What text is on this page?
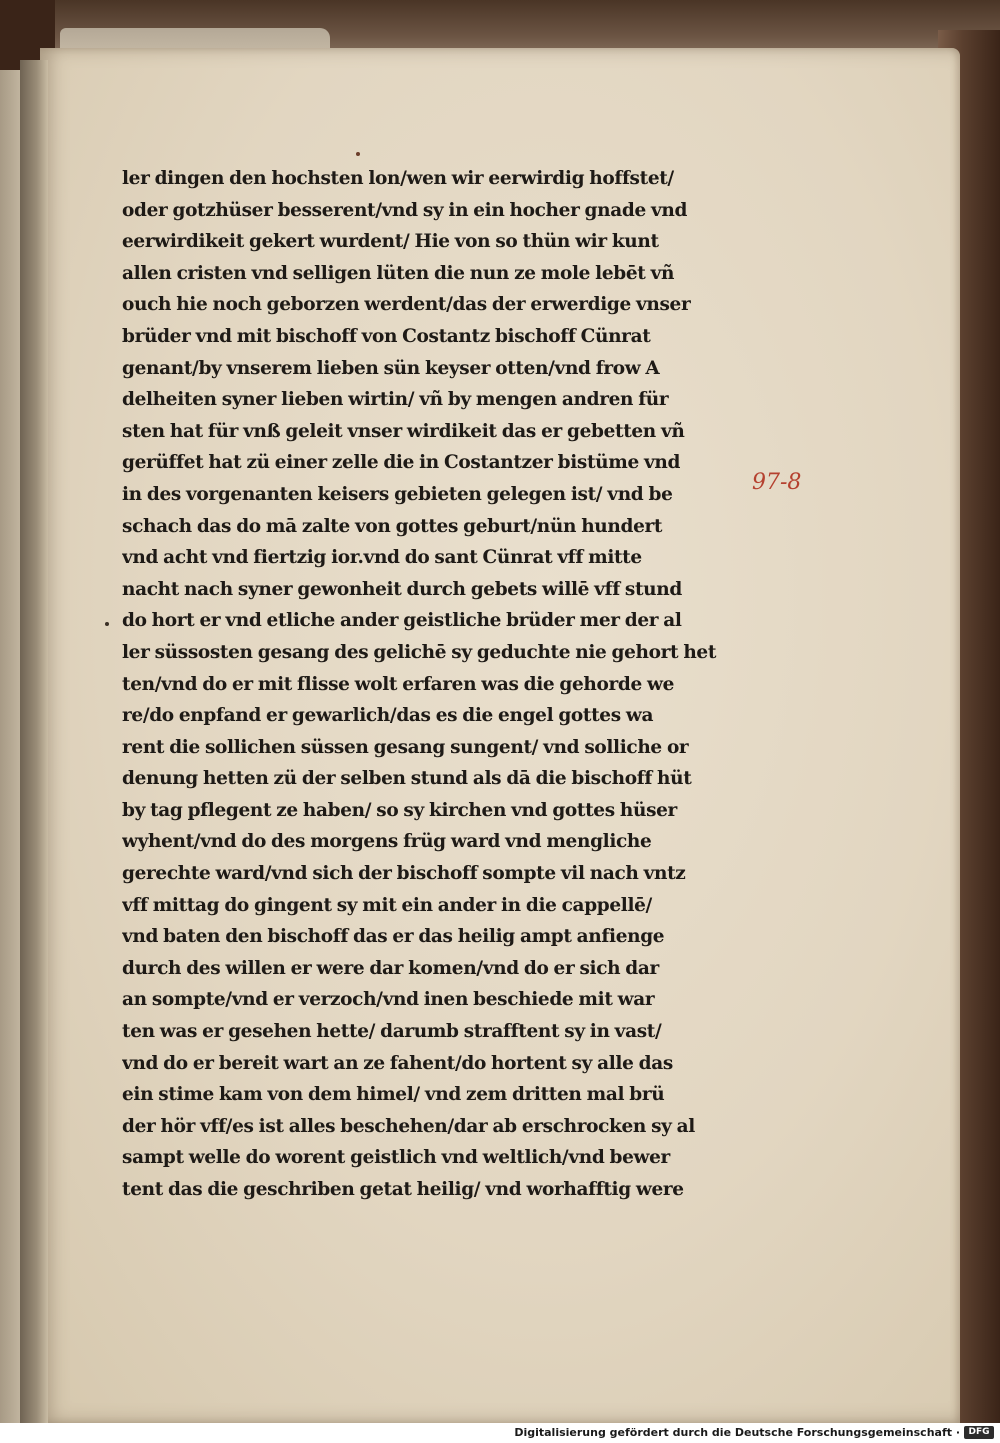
ler dingen den hochsten lon/wen wir eerwirdig hoffstet/
oder gotzhüser besserent/vnd sy in ein hocher gnade vnd
eerwirdikeit gekert wurdent/ Hie von so thün wir kunt
allen cristen vnd selligen lüten die nun ze mole lebēt vñ
ouch hie noch geborzen werdent/das der erwerdige vnser
brüder vnd mit bischoff von Costantz bischoff Cünrat
genant/by vnserem lieben sün keyser otten/vnd frow A
delheiten syner lieben wirtin/ vñ by mengen andren für
sten hat für vnß geleit vnser wirdikeit das er gebetten vñ
gerüffet hat zü einer zelle die in Costantzer bistüme vnd
in des vorgenanten keisers gebieten gelegen ist/ vnd be
schach das do mā zalte von gottes geburt/nün hundert
vnd acht vnd fiertzig ior.vnd do sant Cünrat vff mitte
nacht nach syner gewonheit durch gebets willē vff stund
do hort er vnd etliche ander geistliche brüder mer der al
ler süssosten gesang des gelichē sy geduchte nie gehort het
ten/vnd do er mit flisse wolt erfaren was die gehorde we
re/do enpfand er gewarlich/das es die engel gottes wa
rent die sollichen süssen gesang sungent/ vnd solliche or
denung hetten zü der selben stund als dā die bischoff hüt
by tag pflegent ze haben/ so sy kirchen vnd gottes hüser
wyhent/vnd do des morgens früg ward vnd mengliche
gerechte ward/vnd sich der bischoff sompte vil nach vntz
vff mittag do gingent sy mit ein ander in die cappellē/
vnd baten den bischoff das er das heilig ampt anfienge
durch des willen er were dar komen/vnd do er sich dar
an sompte/vnd er verzoch/vnd inen beschiede mit war
ten was er gesehen hette/ darumb strafftent sy in vast/
vnd do er bereit wart an ze fahent/do hortent sy alle das
ein stime kam von dem himel/ vnd zem dritten mal brü
der hör vff/es ist alles beschehen/dar ab erschrocken sy al
sampt welle do worent geistlich vnd weltlich/vnd bewer
tent das die geschriben getat heilig/ vnd worhafftig were
97-8
Digitalisierung gefördert durch die Deutsche Forschungsgemeinschaft · DFG
